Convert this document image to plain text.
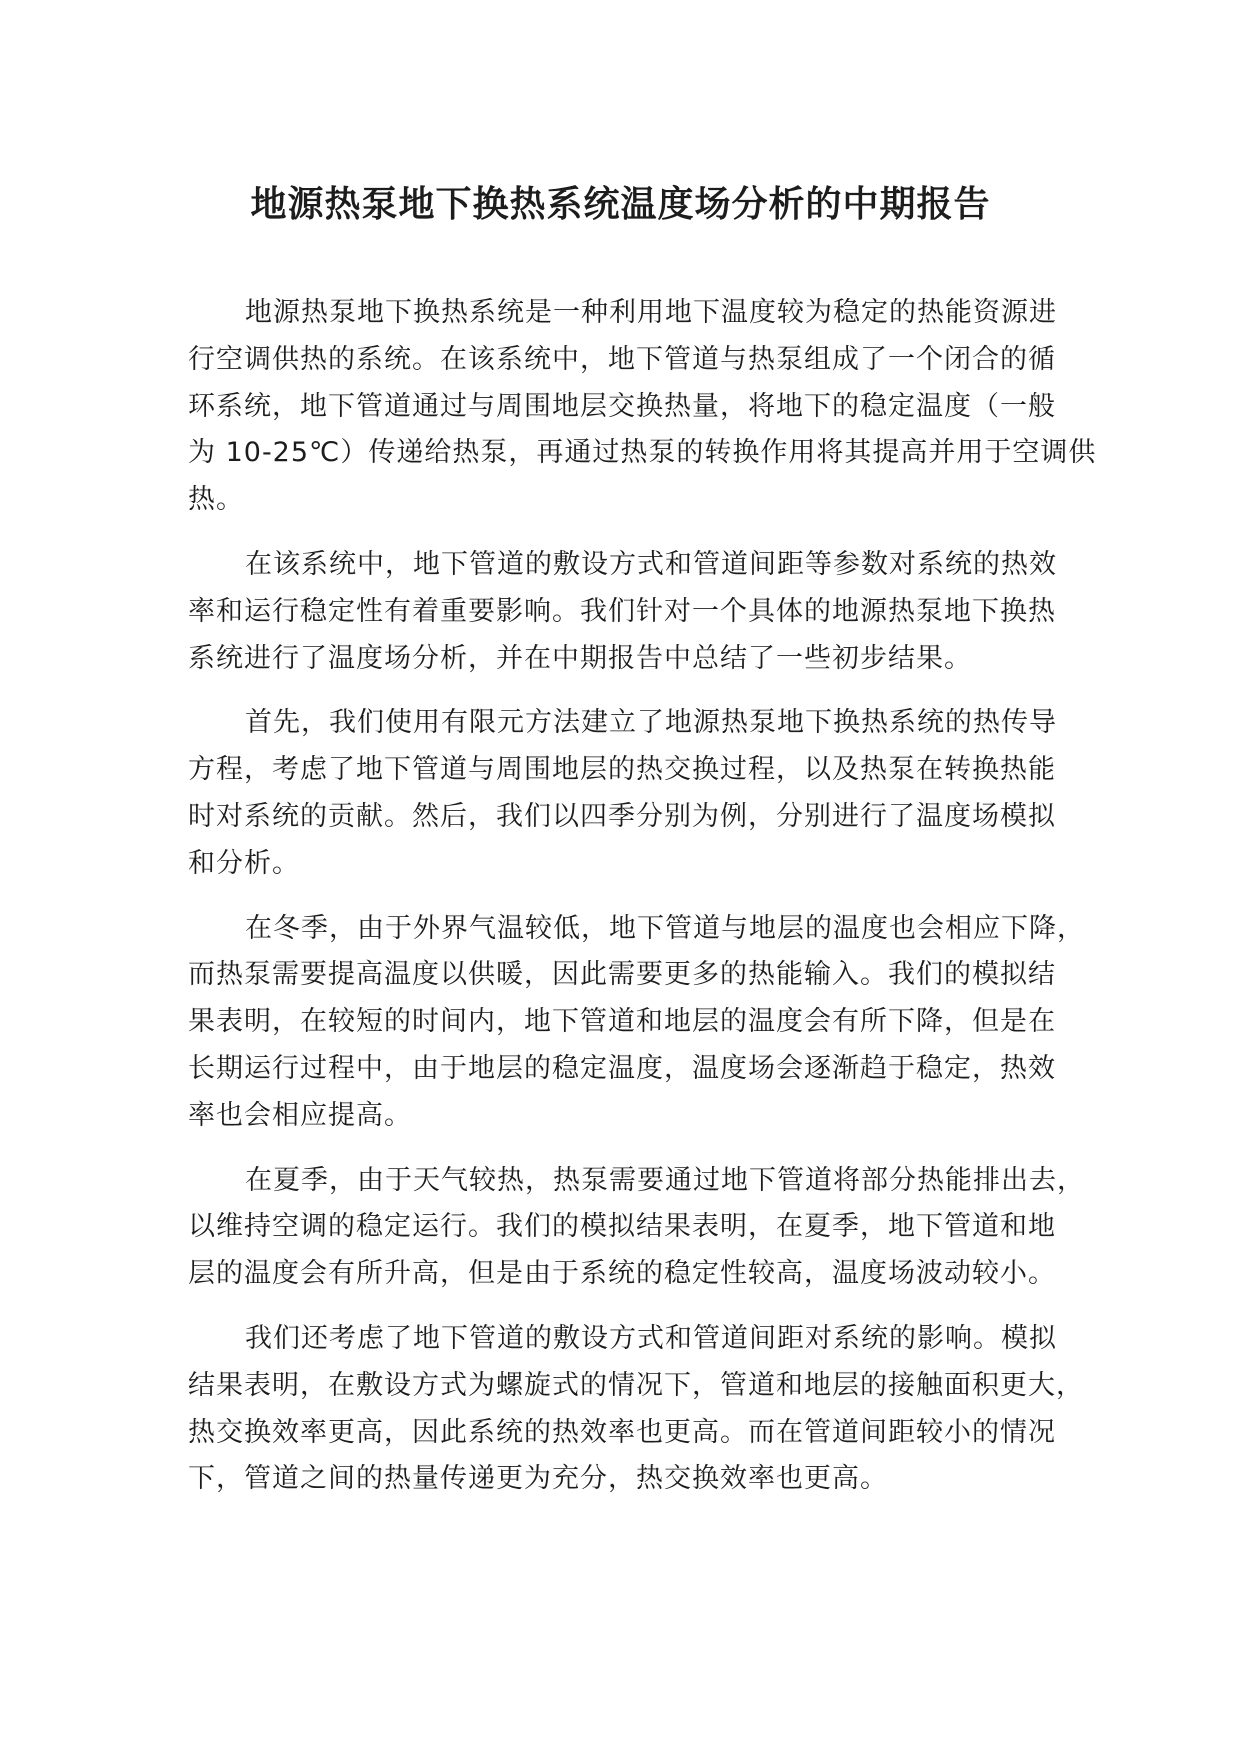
地源热泵地下换热系统温度场分析的中期报告
地源热泵地下换热系统是一种利用地下温度较为稳定的热能资源进
行空调供热的系统。在该系统中，地下管道与热泵组成了一个闭合的循
环系统，地下管道通过与周围地层交换热量，将地下的稳定温度（一般
为 10-25℃）传递给热泵，再通过热泵的转换作用将其提高并用于空调供
热。
在该系统中，地下管道的敷设方式和管道间距等参数对系统的热效
率和运行稳定性有着重要影响。我们针对一个具体的地源热泵地下换热
系统进行了温度场分析，并在中期报告中总结了一些初步结果。
首先，我们使用有限元方法建立了地源热泵地下换热系统的热传导
方程，考虑了地下管道与周围地层的热交换过程，以及热泵在转换热能
时对系统的贡献。然后，我们以四季分别为例，分别进行了温度场模拟
和分析。
在冬季，由于外界气温较低，地下管道与地层的温度也会相应下降，
而热泵需要提高温度以供暖，因此需要更多的热能输入。我们的模拟结
果表明，在较短的时间内，地下管道和地层的温度会有所下降，但是在
长期运行过程中，由于地层的稳定温度，温度场会逐渐趋于稳定，热效
率也会相应提高。
在夏季，由于天气较热，热泵需要通过地下管道将部分热能排出去，
以维持空调的稳定运行。我们的模拟结果表明，在夏季，地下管道和地
层的温度会有所升高，但是由于系统的稳定性较高，温度场波动较小。
我们还考虑了地下管道的敷设方式和管道间距对系统的影响。模拟
结果表明，在敷设方式为螺旋式的情况下，管道和地层的接触面积更大，
热交换效率更高，因此系统的热效率也更高。而在管道间距较小的情况
下，管道之间的热量传递更为充分，热交换效率也更高。
